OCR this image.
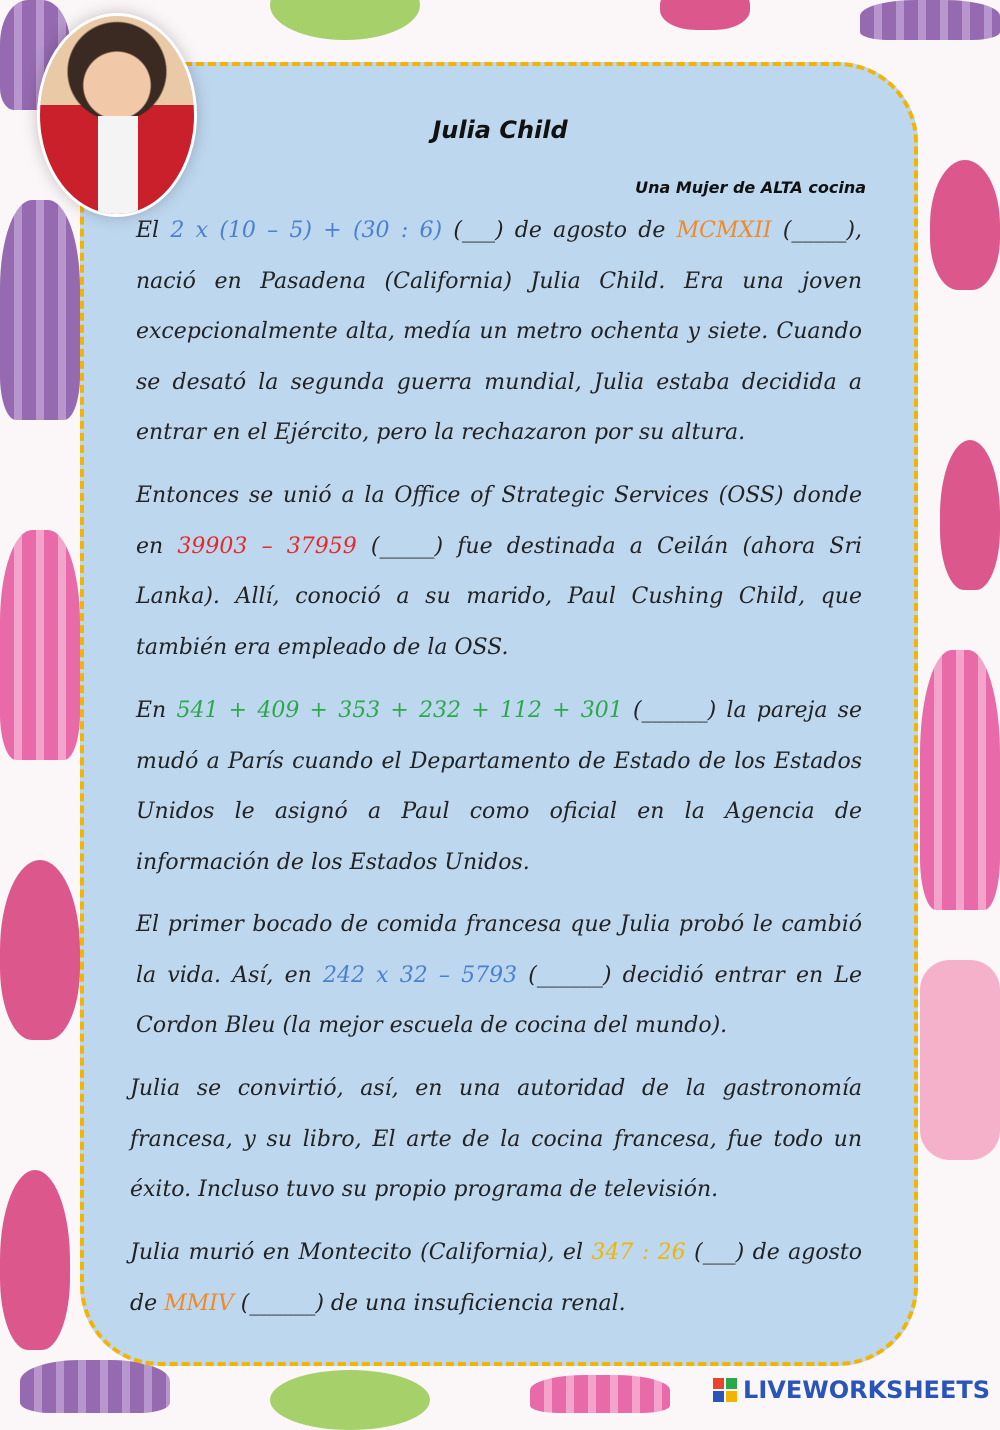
Julia Child
Una Mujer de ALTA cocina
El 2 x (10 – 5) + (30 : 6) (___) de agosto de MCMXII (_____), nació en Pasadena (California) Julia Child. Era una joven excepcionalmente alta, medía un metro ochenta y siete. Cuando se desató la segunda guerra mundial, Julia estaba decidida a entrar en el Ejército, pero la rechazaron por su altura.
Entonces se unió a la Office of Strategic Services (OSS) donde en 39903 – 37959 (_____) fue destinada a Ceilán (ahora Sri Lanka). Allí, conoció a su marido, Paul Cushing Child, que también era empleado de la OSS.
En 541 + 409 + 353 + 232 + 112 + 301 (______) la pareja se mudó a París cuando el Departamento de Estado de los Estados Unidos le asignó a Paul como oficial en la Agencia de información de los Estados Unidos.
El primer bocado de comida francesa que Julia probó le cambió la vida. Así, en 242 x 32 – 5793 (______) decidió entrar en Le Cordon Bleu (la mejor escuela de cocina del mundo).
Julia se convirtió, así, en una autoridad de la gastronomía francesa, y su libro, El arte de la cocina francesa, fue todo un éxito. Incluso tuvo su propio programa de televisión.
Julia murió en Montecito (California), el 347 : 26 (___) de agosto de MMIV (______) de una insuficiencia renal.
LIVEWORKSHEETS
